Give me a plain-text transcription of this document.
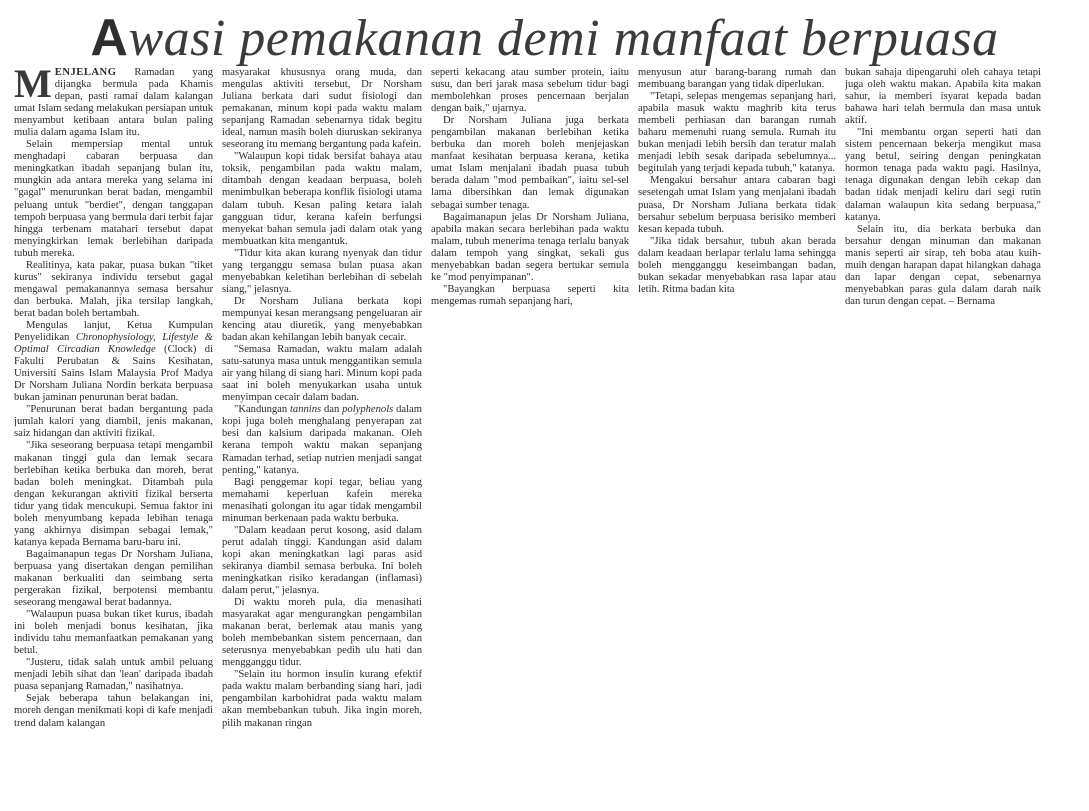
Awasi pemakanan demi manfaat berpuasa

MENJELANG Ramadan yang dijangka bermula pada Khamis depan, pasti ramai dalam kalangan umat Islam sedang melakukan persiapan untuk menyambut ketibaan antara bulan paling mulia dalam agama Islam itu.

Selain mempersiap mental untuk menghadapi cabaran berpuasa dan meningkatkan ibadah sepanjang bulan itu, mungkin ada antara mereka yang selama ini "gagal" menurunkan berat badan, mengambil peluang untuk "berdiet", dengan tanggapan tempoh berpuasa yang bermula dari terbit fajar hingga terbenam matahari tersebut dapat menyingkirkan lemak berlebihan daripada tubuh mereka.

Realitinya, kata pakar, puasa bukan "tiket kurus" sekiranya individu tersebut gagal mengawal pemakanannya semasa bersahur dan berbuka. Malah, jika tersilap langkah, berat badan boleh bertambah.

Mengulas lanjut, Ketua Kumpulan Penyelidikan Chronophysiology, Lifestyle & Optimal Circadian Knowledge (Clock) di Fakulti Perubatan & Sains Kesihatan, Universiti Sains Islam Malaysia Prof Madya Dr Norsham Juliana Nordin berkata berpuasa bukan jaminan penurunan berat badan.

"Penurunan berat badan bergantung pada jumlah kalori yang diambil, jenis makanan, saiz hidangan dan aktiviti fizikal.

"Jika seseorang berpuasa tetapi mengambil makanan tinggi gula dan lemak secara berlebihan ketika berbuka dan moreh, berat badan boleh meningkat. Ditambah pula dengan kekurangan aktiviti fizikal berserta tidur yang tidak mencukupi. Semua faktor ini boleh menyumbang kepada lebihan tenaga yang akhirnya disimpan sebagai lemak," katanya kepada Bernama baru-baru ini.

Bagaimanapun tegas Dr Norsham Juliana, berpuasa yang disertakan dengan pemilihan makanan berkualiti dan seimbang serta pergerakan fizikal, berpotensi membantu seseorang mengawal berat badannya.

"Walaupun puasa bukan tiket kurus, ibadah ini boleh menjadi bonus kesihatan, jika individu tahu memanfaatkan pemakanan yang betul.

"Justeru, tidak salah untuk ambil peluang menjadi lebih sihat dan 'lean' daripada ibadah puasa sepanjang Ramadan," nasihatnya.

Sejak beberapa tahun belakangan ini, moreh dengan menikmati kopi di kafe menjadi trend dalam kalangan

masyarakat khususnya orang muda, dan mengulas aktiviti tersebut, Dr Norsham Juliana berkata dari sudut fisiologi dan pemakanan, minum kopi pada waktu malam sepanjang Ramadan sebenarnya tidak begitu ideal, namun masih boleh diuruskan sekiranya seseorang itu memang bergantung pada kafein.

"Walaupun kopi tidak bersifat bahaya atau toksik, pengambilan pada waktu malam, ditambah dengan keadaan berpuasa, boleh menimbulkan beberapa konflik fisiologi utama dalam tubuh. Kesan paling ketara ialah gangguan tidur, kerana kafein berfungsi menyekat bahan semula jadi dalam otak yang membuatkan kita mengantuk.

"Tidur kita akan kurang nyenyak dan tidur yang terganggu semasa bulan puasa akan menyebabkan keletihan berlebihan di sebelah siang," jelasnya.

Dr Norsham Juliana berkata kopi mempunyai kesan merangsang pengeluaran air kencing atau diuretik, yang menyebabkan badan akan kehilangan lebih banyak cecair.

"Semasa Ramadan, waktu malam adalah satu-satunya masa untuk menggantikan semula air yang hilang di siang hari. Minum kopi pada saat ini boleh menyukarkan usaha untuk menyimpan cecair dalam badan.

"Kandungan tannins dan polyphenols dalam kopi juga boleh menghalang penyerapan zat besi dan kalsium daripada makanan. Oleh kerana tempoh waktu makan sepanjang Ramadan terhad, setiap nutrien menjadi sangat penting," katanya.

Bagi penggemar kopi tegar, beliau yang memahami keperluan kafein mereka menasihati golongan itu agar tidak mengambil minuman berkenaan pada waktu berbuka.

"Dalam keadaan perut kosong, asid dalam perut adalah tinggi. Kandungan asid dalam kopi akan meningkatkan lagi paras asid sekiranya diambil semasa berbuka. Ini boleh meningkatkan risiko keradangan (inflamasi) dalam perut," jelasnya.

Di waktu moreh pula, dia menasihati masyarakat agar mengurangkan pengambilan makanan berat, berlemak atau manis yang boleh membebankan sistem pencernaan, dan seterusnya menyebabkan pedih ulu hati dan mengganggu tidur.

"Selain itu hormon insulin kurang efektif pada waktu malam berbanding siang hari, jadi pengambilan karbohidrat pada waktu malam akan membebankan tubuh. Jika ingin moreh, pilih makanan ringan

seperti kekacang atau sumber protein, iaitu susu, dan beri jarak masa sebelum tidur bagi membolehkan proses pencernaan berjalan dengan baik," ujarnya.

Dr Norsham Juliana juga berkata pengambilan makanan berlebihan ketika berbuka dan moreh boleh menjejaskan manfaat kesihatan berpuasa kerana, ketika umat Islam menjalani ibadah puasa tubuh berada dalam "mod pembaikan", iaitu sel-sel lama dibersihkan dan lemak digunakan sebagai sumber tenaga.

Bagaimanapun jelas Dr Norsham Juliana, apabila makan secara berlebihan pada waktu malam, tubuh menerima tenaga terlalu banyak dalam tempoh yang singkat, sekali gus menyebabkan badan segera bertukar semula ke "mod penyimpanan".

"Bayangkan berpuasa seperti kita mengemas rumah sepanjang hari,

menyusun atur barang-barang rumah dan membuang barangan yang tidak diperlukan.

"Tetapi, selepas mengemas sepanjang hari, apabila masuk waktu maghrib kita terus membeli perhiasan dan barangan rumah baharu memenuhi ruang semula. Rumah itu bukan menjadi lebih bersih dan teratur malah menjadi lebih sesak daripada sebelumnya... begitulah yang terjadi kepada tubuh," katanya.

Mengakui bersahur antara cabaran bagi sesetengah umat Islam yang menjalani ibadah puasa, Dr Norsham Juliana berkata tidak bersahur sebelum berpuasa berisiko memberi kesan kepada tubuh.

"Jika tidak bersahur, tubuh akan berada dalam keadaan berlapar terlalu lama sehingga boleh mengganggu keseimbangan badan, bukan sekadar menyebabkan rasa lapar atau letih. Ritma badan kita

bukan sahaja dipengaruhi oleh cahaya tetapi juga oleh waktu makan. Apabila kita makan sahur, ia memberi isyarat kepada badan bahawa hari telah bermula dan masa untuk aktif.

"Ini membantu organ seperti hati dan sistem pencernaan bekerja mengikut masa yang betul, seiring dengan peningkatan hormon tenaga pada waktu pagi. Hasilnya, tenaga digunakan dengan lebih cekap dan badan tidak menjadi keliru dari segi rutin dalaman walaupun kita sedang berpuasa," katanya.

Selain itu, dia berkata berbuka dan bersahur dengan minuman dan makanan manis seperti air sirap, teh boba atau kuih-muih dengan harapan dapat hilangkan dahaga dan lapar dengan cepat, sebenarnya menyebabkan paras gula dalam darah naik dan turun dengan cepat. – Bernama
